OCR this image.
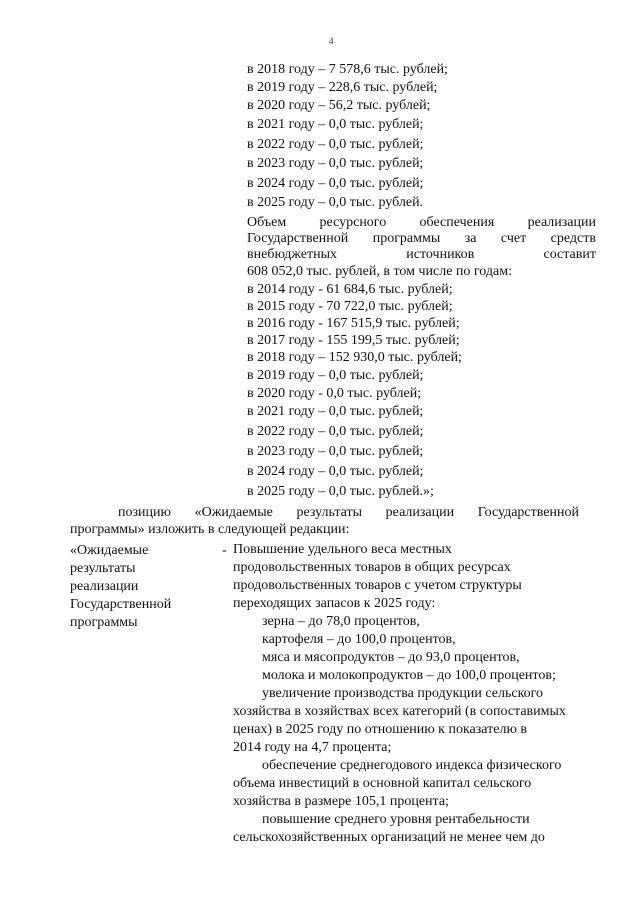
4
в 2018 году – 7 578,6 тыс. рублей;
в 2019 году – 228,6 тыс. рублей;
в 2020 году – 56,2 тыс. рублей;
в 2021 году – 0,0 тыс. рублей;
в 2022 году – 0,0 тыс. рублей;
в 2023 году – 0,0 тыс. рублей;
в 2024 году – 0,0 тыс. рублей;
в 2025 году – 0,0 тыс. рублей.
Объем ресурсного обеспечения реализации
Государственной программы за счет средств
внебюджетных источников составит
608 052,0 тыс. рублей, в том числе по годам:
в 2014 году - 61 684,6 тыс. рублей;
в 2015 году - 70 722,0 тыс. рублей;
в 2016 году - 167 515,9 тыс. рублей;
в 2017 году - 155 199,5 тыс. рублей;
в 2018 году – 152 930,0 тыс. рублей;
в 2019 году – 0,0 тыс. рублей;
в 2020 году - 0,0 тыс. рублей;
в 2021 году – 0,0 тыс. рублей;
в 2022 году – 0,0 тыс. рублей;
в 2023 году – 0,0 тыс. рублей;
в 2024 году – 0,0 тыс. рублей;
в 2025 году – 0,0 тыс. рублей.»;
позицию «Ожидаемые результаты реализации Государственной
программы» изложить в следующей редакции:
«Ожидаемые
результаты
реализации
Государственной
программы
- Повышение удельного веса местных
продовольственных товаров в общих ресурсах
продовольственных товаров с учетом структуры
переходящих запасов к 2025 году:
зерна – до 78,0 процентов,
картофеля – до 100,0 процентов,
мяса и мясопродуктов – до 93,0 процентов,
молока и молокопродуктов – до 100,0 процентов;
увеличение производства продукции сельского
хозяйства в хозяйствах всех категорий (в сопоставимых
ценах) в 2025 году по отношению к показателю в
2014 году на 4,7 процента;
обеспечение среднегодового индекса физического
объема инвестиций в основной капитал сельского
хозяйства в размере 105,1 процента;
повышение среднего уровня рентабельности
сельскохозяйственных организаций не менее чем до
